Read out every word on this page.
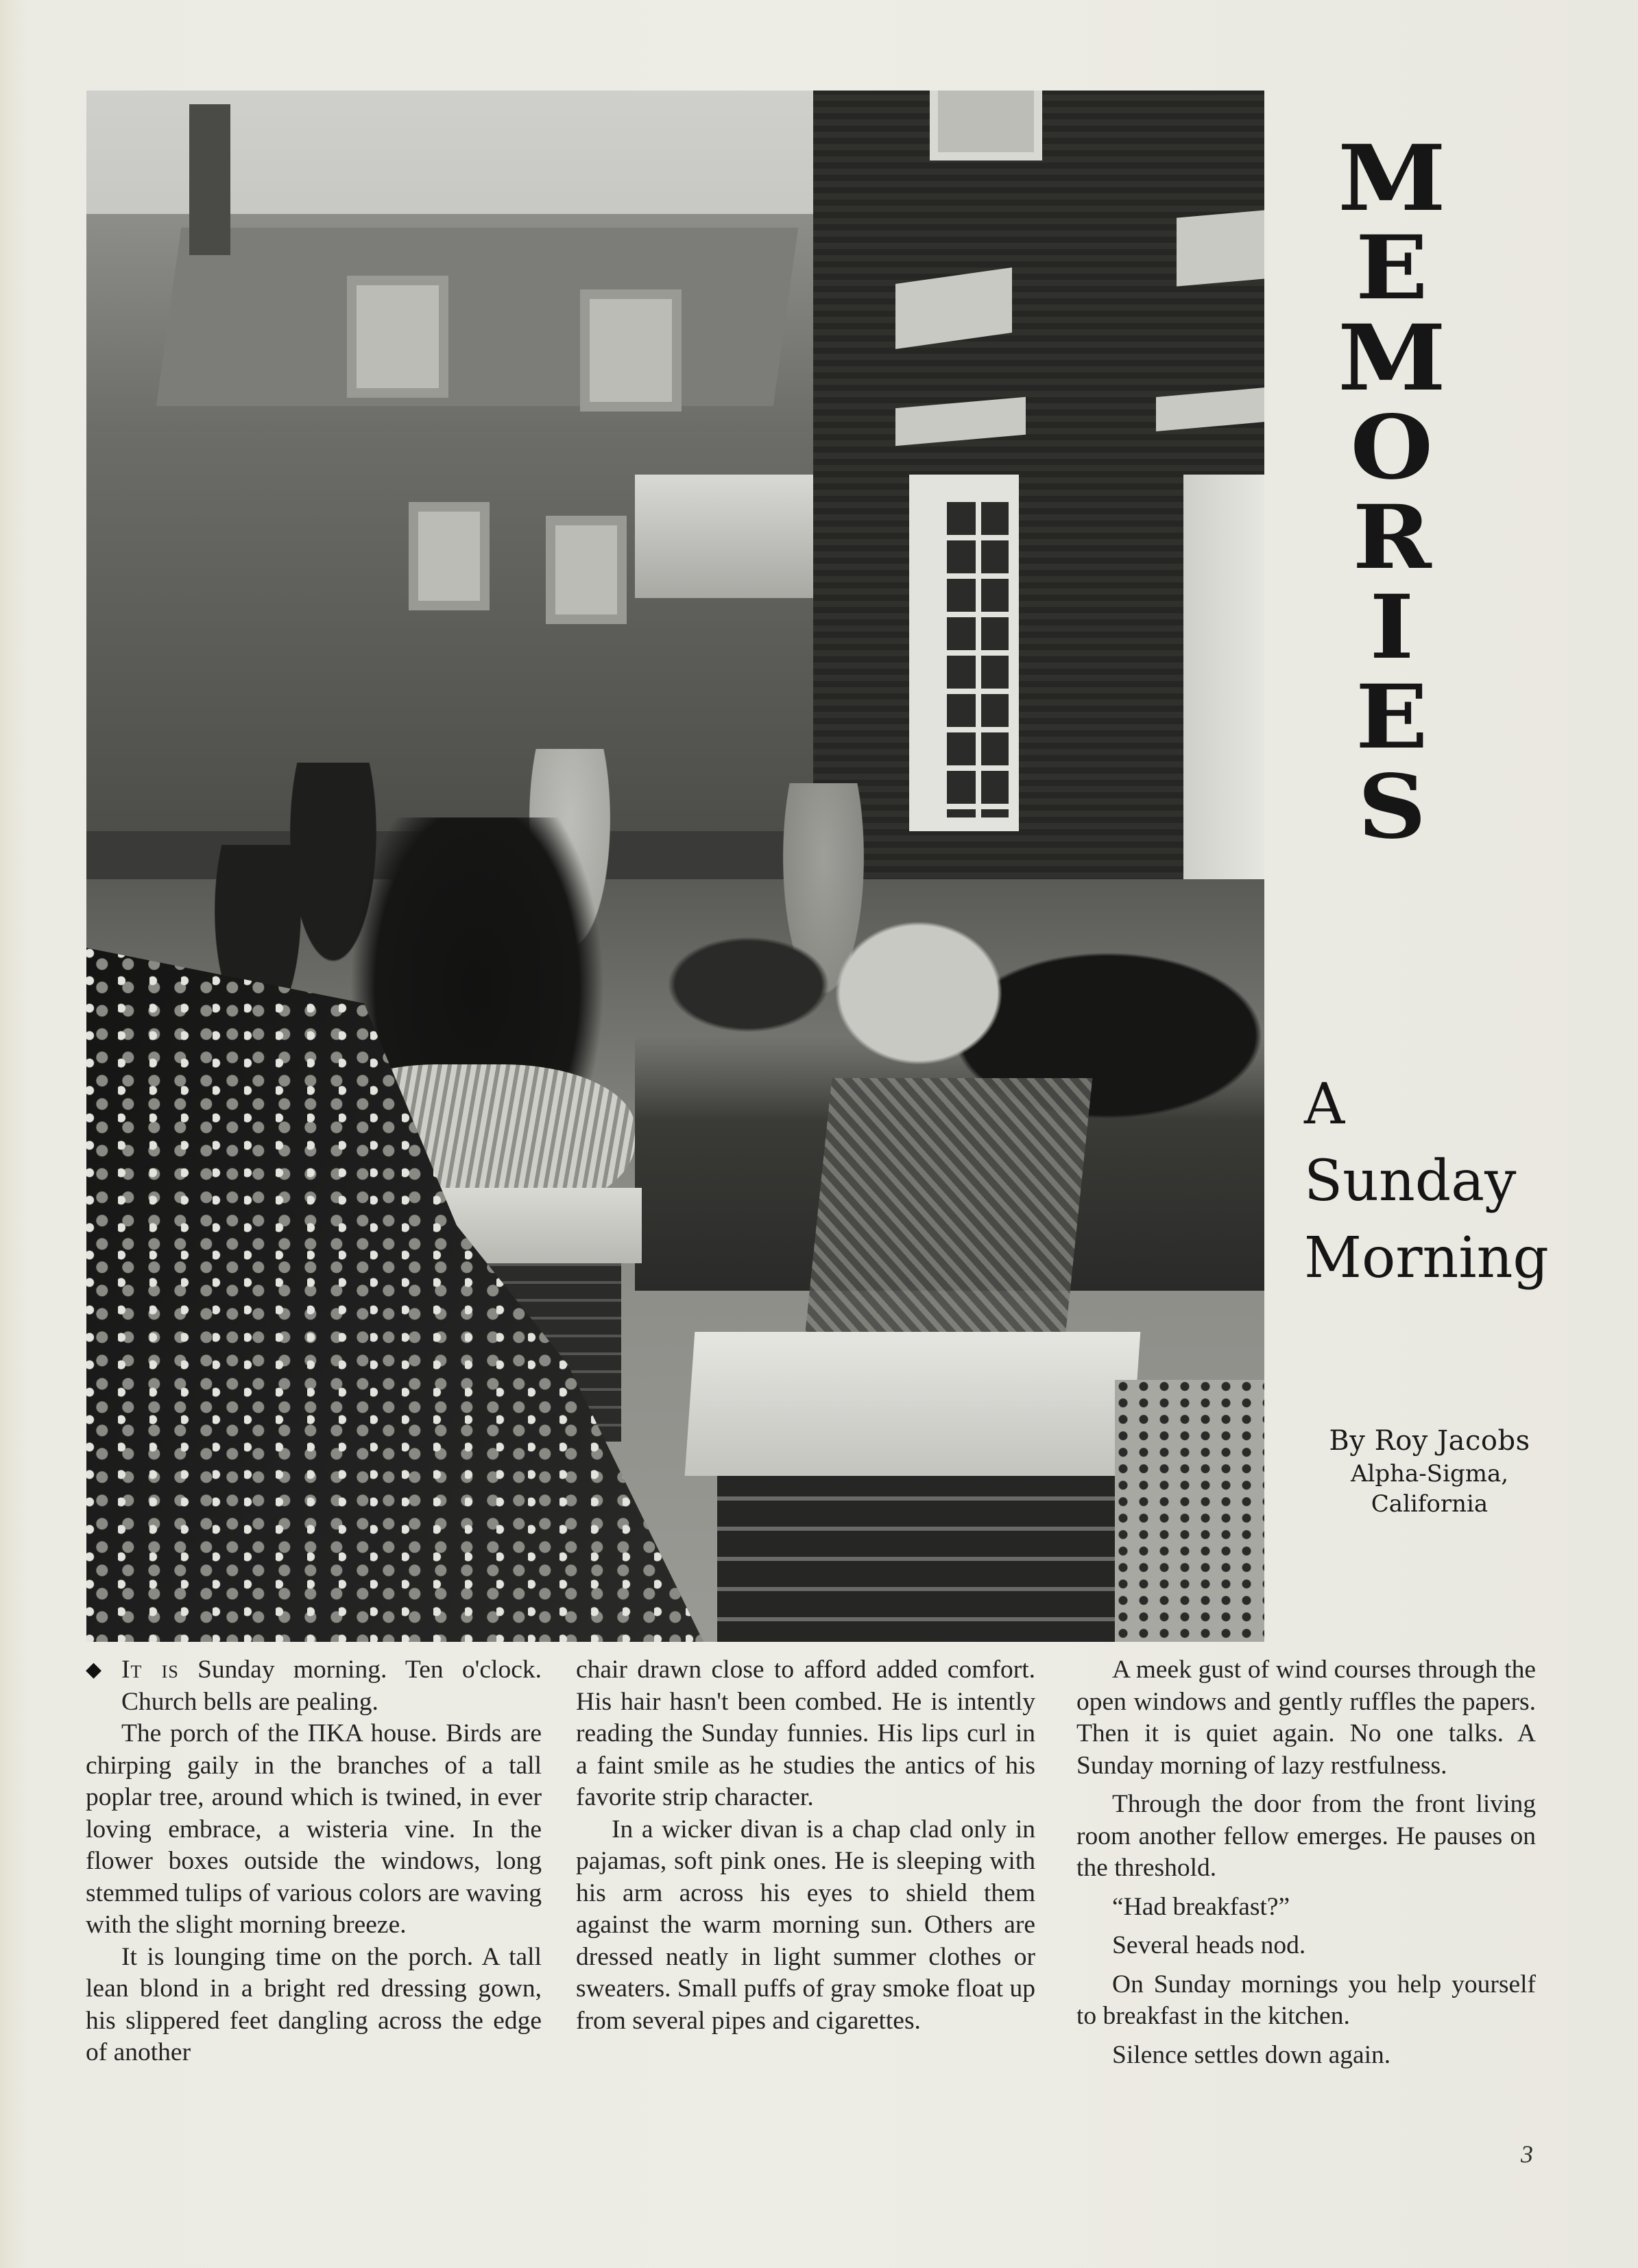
M
E
M
O
R
I
E
S
A
Sunday
Morning
By Roy Jacobs
Alpha-Sigma,
California

◆ It is Sunday morning. Ten o'clock. Church bells are pealing.

The porch of the ΠKA house. Birds are chirping gaily in the branches of a tall poplar tree, around which is twined, in ever loving embrace, a wisteria vine. In the flower boxes outside the windows, long stemmed tulips of various colors are waving with the slight morning breeze.

It is lounging time on the porch. A tall lean blond in a bright red dressing gown, his slippered feet dangling across the edge of another

chair drawn close to afford added comfort. His hair hasn't been combed. He is intently reading the Sunday funnies. His lips curl in a faint smile as he studies the antics of his favorite strip character.

In a wicker divan is a chap clad only in pajamas, soft pink ones. He is sleeping with his arm across his eyes to shield them against the warm morning sun. Others are dressed neatly in light summer clothes or sweaters. Small puffs of gray smoke float up from several pipes and cigarettes.

A meek gust of wind courses through the open windows and gently ruffles the papers. Then it is quiet again. No one talks. A Sunday morning of lazy restfulness.

Through the door from the front living room another fellow emerges. He pauses on the threshold.

“Had breakfast?”

Several heads nod.

On Sunday mornings you help yourself to breakfast in the kitchen.

Silence settles down again.

3
